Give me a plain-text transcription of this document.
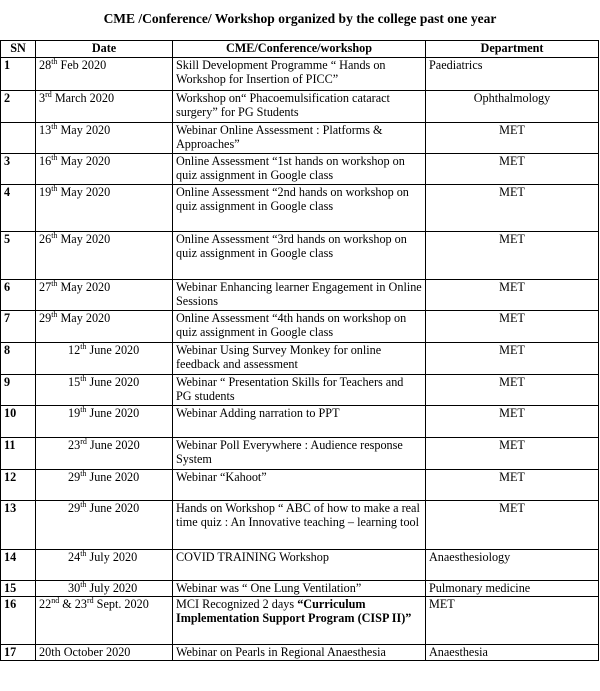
CME /Conference/ Workshop organized by the college past one year
SN	Date	CME/Conference/workshop	Department
1	28th Feb 2020	Skill Development Programme “ Hands on Workshop for Insertion of PICC”	Paediatrics
2	3rd March 2020	Workshop on“ Phacoemulsification cataract surgery” for PG Students	Ophthalmology
	13th May 2020	Webinar Online Assessment : Platforms & Approaches”	MET
3	16th May 2020	Online Assessment “1st hands on workshop on quiz assignment in Google class	MET
4	19th May 2020	Online Assessment “2nd hands on workshop on quiz assignment in Google class	MET
5	26th May 2020	Online Assessment “3rd hands on workshop on quiz assignment in Google class	MET
6	27th May 2020	Webinar Enhancing learner Engagement in Online Sessions	MET
7	29th May 2020	Online Assessment “4th hands on workshop on quiz assignment in Google class	MET
8	12th June 2020	Webinar Using Survey Monkey for online feedback and assessment	MET
9	15th June 2020	Webinar “ Presentation Skills for Teachers and PG students	MET
10	19th June 2020	Webinar Adding narration to PPT	MET
11	23rd June 2020	Webinar Poll Everywhere : Audience response System	MET
12	29th June 2020	Webinar “Kahoot”	MET
13	29th June 2020	Hands on Workshop “ ABC of how to make a real time quiz : An Innovative teaching – learning tool	MET
14	24th July 2020	COVID TRAINING Workshop	Anaesthesiology
15	30th July 2020	Webinar was “ One Lung Ventilation”	Pulmonary medicine
16	22nd & 23rd Sept. 2020	MCI Recognized 2 days “Curriculum Implementation Support Program (CISP II)”	MET
17	20th October 2020	Webinar on Pearls in Regional Anaesthesia	Anaesthesia
